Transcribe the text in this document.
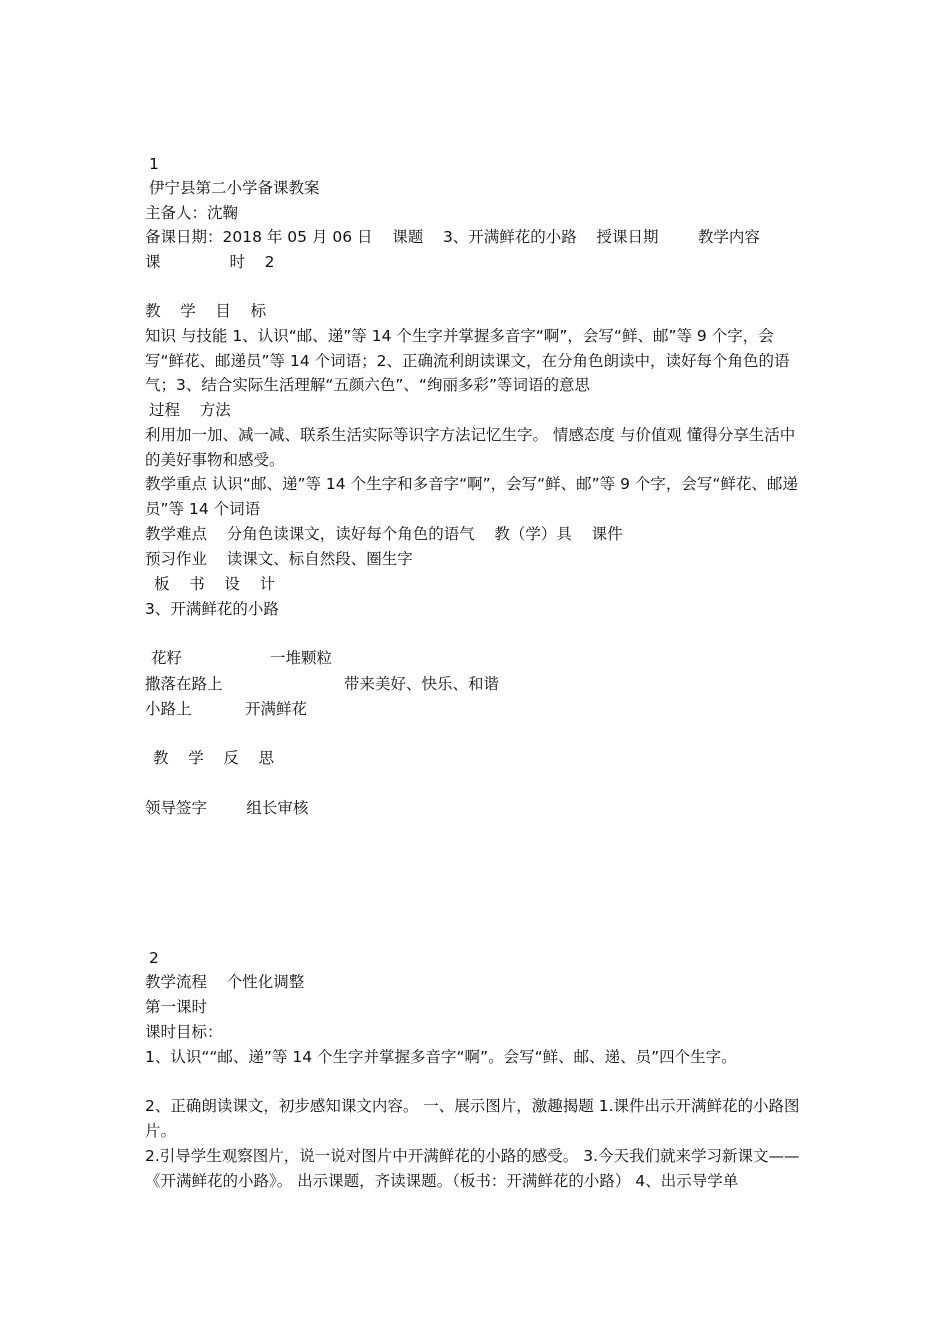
1

伊宁县第二小学备课教案

主备人：沈鞠

备课日期：2018 年 05 月 06 日    课题    3、开满鲜花的小路    授课日期        教学内容

课              时    2

教    学    目    标

知识 与技能 1、认识“邮、递”等 14 个生字并掌握多音字“啊”，会写“鲜、邮”等 9 个字，会写“鲜花、邮递员”等 14 个词语；2、正确流利朗读课文，在分角色朗读中，读好每个角色的语气；3、结合实际生活理解“五颜六色”、“绚丽多彩”等词语的意思

过程    方法

利用加一加、减一减、联系生活实际等识字方法记忆生字。 情感态度 与价值观 懂得分享生活中的美好事物和感受。

教学重点 认识“邮、递”等 14 个生字和多音字“啊”，会写“鲜、邮”等 9 个字，会写“鲜花、邮递员”等 14 个词语

教学难点    分角色读课文，读好每个角色的语气    教（学）具    课件

预习作业    读课文、标自然段、圈生字

板    书    设    计

3、开满鲜花的小路

花籽	一堆颗粒

撒落在路上	带来美好、快乐、和谐

小路上	开满鲜花

教    学    反    思

领导签字        组长审核

2

教学流程    个性化调整

第一课时

课时目标：

1、认识““邮、递”等 14 个生字并掌握多音字“啊”。会写“鲜、邮、递、员”四个生字。

2、正确朗读课文，初步感知课文内容。 一、展示图片，激趣揭题 1.课件出示开满鲜花的小路图片。

2.引导学生观察图片，说一说对图片中开满鲜花的小路的感受。 3.今天我们就来学习新课文——《开满鲜花的小路》。 出示课题，齐读课题。（板书：开满鲜花的小路） 4、出示导学单
